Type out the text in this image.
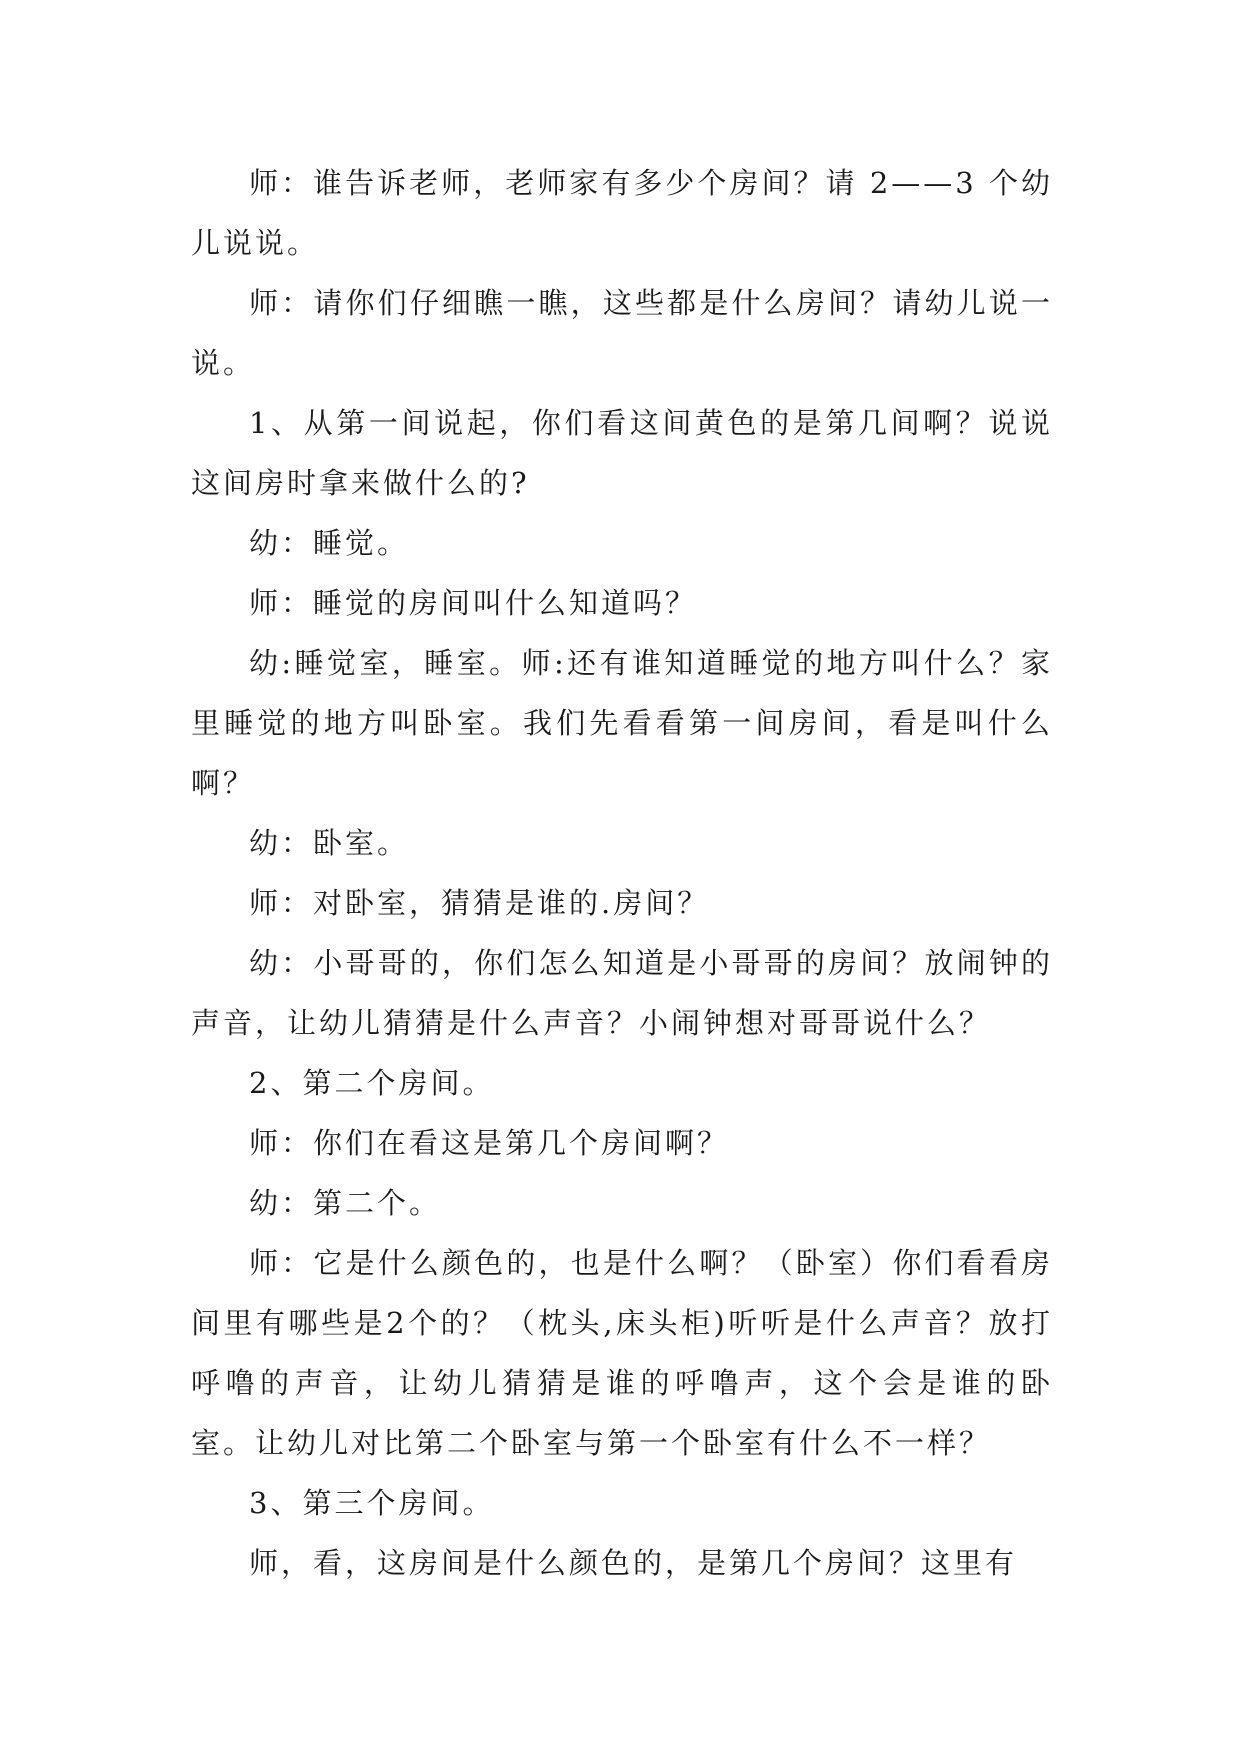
师：谁告诉老师，老师家有多少个房间？请 2——3 个幼儿说说。

师：请你们仔细瞧一瞧，这些都是什么房间？请幼儿说一说。

1、从第一间说起，你们看这间黄色的是第几间啊？说说这间房时拿来做什么的?

幼：睡觉。

师：睡觉的房间叫什么知道吗？

幼:睡觉室，睡室。师:还有谁知道睡觉的地方叫什么？家里睡觉的地方叫卧室。我们先看看第一间房间，看是叫什么啊？

幼：卧室。

师：对卧室，猜猜是谁的.房间？

幼：小哥哥的，你们怎么知道是小哥哥的房间？放闹钟的声音，让幼儿猜猜是什么声音？小闹钟想对哥哥说什么？

2、第二个房间。

师：你们在看这是第几个房间啊？

幼：第二个。

师：它是什么颜色的，也是什么啊？（卧室）你们看看房间里有哪些是2个的？（枕头,床头柜)听听是什么声音？放打呼噜的声音，让幼儿猜猜是谁的呼噜声，这个会是谁的卧室。让幼儿对比第二个卧室与第一个卧室有什么不一样？

3、第三个房间。

师，看，这房间是什么颜色的，是第几个房间？这里有
